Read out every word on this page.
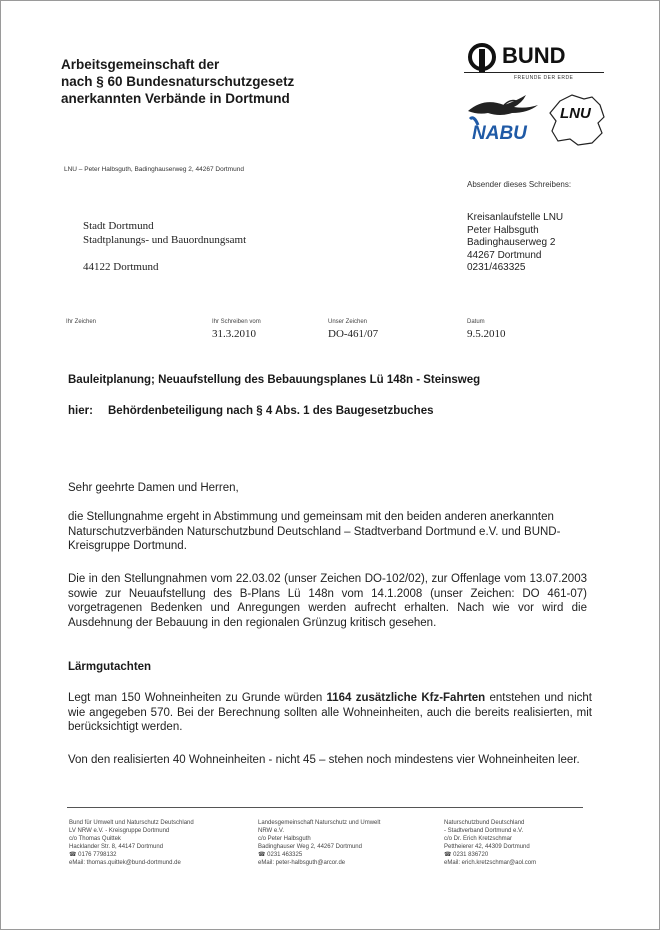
Arbeitsgemeinschaft der
nach § 60 Bundesnaturschutzgesetz
anerkannten Verbände in Dortmund
BUND
FREUNDE DER ERDE
NABU
LNU
LNU – Peter Halbsguth, Badinghauserweg 2, 44267 Dortmund
Absender dieses Schreibens:
Kreisanlaufstelle LNU
Peter Halbsguth
Badinghauserweg 2
44267 Dortmund
0231/463325
Stadt Dortmund
Stadtplanungs- und Bauordnungsamt
44122 Dortmund
Ihr Zeichen	Ihr Schreiben vom
31.3.2010
Unser Zeichen
DO-461/07
Datum
9.5.2010
Bauleitplanung; Neuaufstellung des Bebauungsplanes Lü 148n - Steinsweg
hier: Behördenbeteiligung nach § 4 Abs. 1 des Baugesetzbuches
Sehr geehrte Damen und Herren,
die Stellungnahme ergeht in Abstimmung und gemeinsam mit den beiden anderen anerkannten Naturschutzverbänden Naturschutzbund Deutschland – Stadtverband Dortmund e.V. und BUND-Kreisgruppe Dortmund.
Die in den Stellungnahmen vom 22.03.02 (unser Zeichen DO-102/02), zur Offenlage vom 13.07.2003 sowie zur Neuaufstellung des B-Plans Lü 148n vom 14.1.2008 (unser Zeichen: DO 461-07) vorgetragenen Bedenken und Anregungen werden aufrecht erhalten. Nach wie vor wird die Ausdehnung der Bebauung in den regionalen Grünzug kritisch gesehen.
Lärmgutachten
Legt man 150 Wohneinheiten zu Grunde würden 1164 zusätzliche Kfz-Fahrten entstehen und nicht wie angegeben 570. Bei der Berechnung sollten alle Wohneinheiten, auch die bereits realisierten, mit berücksichtigt werden.
Von den realisierten 40 Wohneinheiten - nicht 45 – stehen noch mindestens vier Wohneinheiten leer.
Bund für Umwelt und Naturschutz Deutschland
LV NRW e.V. - Kreisgruppe Dortmund
c/o Thomas Quittek
Hacklander Str. 8, 44147 Dortmund
☎ 0176 7798132
eMail: thomas.quittek@bund-dortmund.de
Landesgemeinschaft Naturschutz und Umwelt
NRW e.V.
c/o Peter Halbsguth
Badinghauser Weg 2, 44267 Dortmund
☎ 0231 463325
eMail: peter-halbsguth@arcor.de
Naturschutzbund Deutschland
- Stadtverband Dortmund e.V.
c/o Dr. Erich Kretzschmar
Pettheierer 42, 44309 Dortmund
☎ 0231 836720
eMail: erich.kretzschmar@aol.com
